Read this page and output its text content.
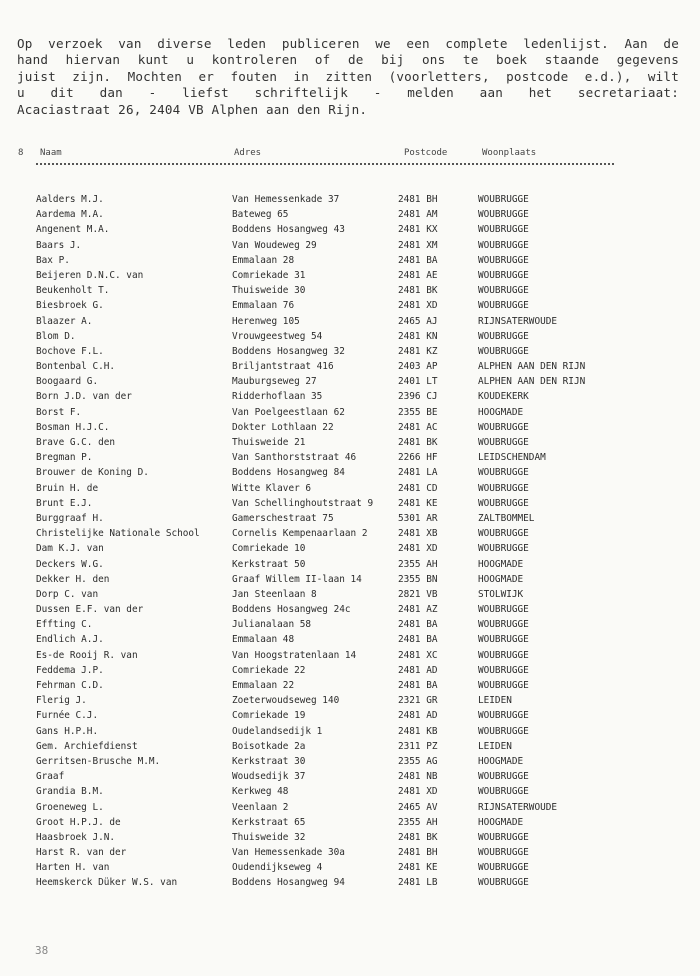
Op verzoek van diverse leden publiceren we een complete ledenlijst. Aan de
hand hiervan kunt u kontroleren of de bij ons te boek staande gegevens
juist zijn. Mochten er fouten in zitten (voorletters, postcode e.d.), wilt
u dit dan - liefst schriftelijk - melden aan het secretariaat:
Acaciastraat 26, 2404 VB Alphen aan den Rijn.
8 Naam	Adres	Postcode	Woonplaats
Aalders M.J.	Van Hemessenkade 37	2481 BH	WOUBRUGGE
Aardema M.A.	Bateweg 65	2481 AM	WOUBRUGGE
Angenent M.A.	Boddens Hosangweg 43	2481 KX	WOUBRUGGE
Baars J.	Van Woudeweg 29	2481 XM	WOUBRUGGE
Bax P.	Emmalaan 28	2481 BA	WOUBRUGGE
Beijeren D.N.C. van	Comriekade 31	2481 AE	WOUBRUGGE
Beukenholt T.	Thuisweide 30	2481 BK	WOUBRUGGE
Biesbroek G.	Emmalaan 76	2481 XD	WOUBRUGGE
Blaazer A.	Herenweg 105	2465 AJ	RIJNSATERWOUDE
Blom D.	Vrouwgeestweg 54	2481 KN	WOUBRUGGE
Bochove F.L.	Boddens Hosangweg 32	2481 KZ	WOUBRUGGE
Bontenbal C.H.	Briljantstraat 416	2403 AP	ALPHEN AAN DEN RIJN
Boogaard G.	Mauburgseweg 27	2401 LT	ALPHEN AAN DEN RIJN
Born J.D. van der	Ridderhoflaan 35	2396 CJ	KOUDEKERK
Borst F.	Van Poelgeestlaan 62	2355 BE	HOOGMADE
Bosman H.J.C.	Dokter Lothlaan 22	2481 AC	WOUBRUGGE
Brave G.C. den	Thuisweide 21	2481 BK	WOUBRUGGE
Bregman P.	Van Santhorststraat 46	2266 HF	LEIDSCHENDAM
Brouwer de Koning D.	Boddens Hosangweg 84	2481 LA	WOUBRUGGE
Bruin H. de	Witte Klaver 6	2481 CD	WOUBRUGGE
Brunt E.J.	Van Schellinghoutstraat 9	2481 KE	WOUBRUGGE
Burggraaf H.	Gamerschestraat 75	5301 AR	ZALTBOMMEL
Christelijke Nationale School	Cornelis Kempenaarlaan 2	2481 XB	WOUBRUGGE
Dam K.J. van	Comriekade 10	2481 XD	WOUBRUGGE
Deckers W.G.	Kerkstraat 50	2355 AH	HOOGMADE
Dekker H. den	Graaf Willem II-laan 14	2355 BN	HOOGMADE
Dorp C. van	Jan Steenlaan 8	2821 VB	STOLWIJK
Dussen E.F. van der	Boddens Hosangweg 24c	2481 AZ	WOUBRUGGE
Effting C.	Julianalaan 58	2481 BA	WOUBRUGGE
Endlich A.J.	Emmalaan 48	2481 BA	WOUBRUGGE
Es-de Rooij R. van	Van Hoogstratenlaan 14	2481 XC	WOUBRUGGE
Feddema J.P.	Comriekade 22	2481 AD	WOUBRUGGE
Fehrman C.D.	Emmalaan 22	2481 BA	WOUBRUGGE
Flerig J.	Zoeterwoudseweg 140	2321 GR	LEIDEN
Furnée C.J.	Comriekade 19	2481 AD	WOUBRUGGE
Gans H.P.H.	Oudelandsedijk 1	2481 KB	WOUBRUGGE
Gem. Archiefdienst	Boisotkade 2a	2311 PZ	LEIDEN
Gerritsen-Brusche M.M.	Kerkstraat 30	2355 AG	HOOGMADE
Graaf	Woudsedijk 37	2481 NB	WOUBRUGGE
Grandia B.M.	Kerkweg 48	2481 XD	WOUBRUGGE
Groeneweg L.	Veenlaan 2	2465 AV	RIJNSATERWOUDE
Groot H.P.J. de	Kerkstraat 65	2355 AH	HOOGMADE
Haasbroek J.N.	Thuisweide 32	2481 BK	WOUBRUGGE
Harst R. van der	Van Hemessenkade 30a	2481 BH	WOUBRUGGE
Harten H. van	Oudendijkseweg 4	2481 KE	WOUBRUGGE
Heemskerck Düker W.S. van	Boddens Hosangweg 94	2481 LB	WOUBRUGGE
38
